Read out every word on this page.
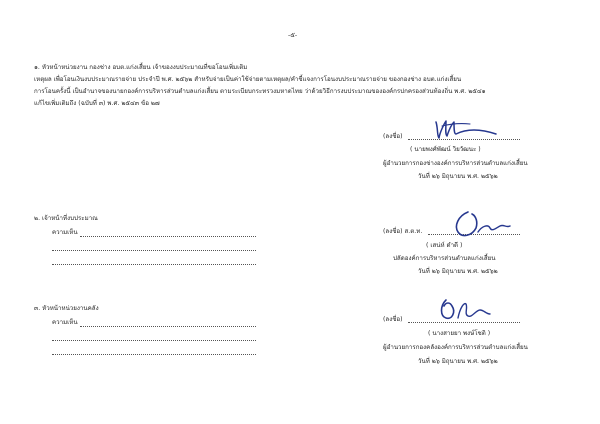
-๕-
๑. หัวหน้าหน่วยงาน กองช่าง อบต.แก่งเสี้ยน เจ้าของงบประมาณที่ขอโอนเพิ่มเติม
เหตุผล เพื่อโอนเงินงบประมาณรายจ่าย ประจำปี พ.ศ. ๒๕๖๒ สำหรับจ่ายเป็นค่าใช้จ่ายตามเหตุผล/คำชี้แจงการโอนงบประมาณรายจ่าย ของกองช่าง อบต.แก่งเสี้ยน
การโอนครั้งนี้ เป็นอำนาจของนายกองค์การบริหารส่วนตำบลแก่งเสี้ยน ตามระเบียบกระทรวงมหาดไทย ว่าด้วยวิธีการงบประมาณขององค์กรปกครองส่วนท้องถิ่น พ.ศ. ๒๕๔๑
แก้ไขเพิ่มเติมถึง (ฉบับที่ ๓) พ.ศ. ๒๕๔๓ ข้อ ๒๗
(ลงชื่อ)
( นายพงศ์พัฒน์ วิยวัฒนะ )
ผู้อำนวยการกองช่างองค์การบริหารส่วนตำบลแก่งเสี้ยน
วันที่ ๒๖ มิถุนายน พ.ศ. ๒๕๖๒
๒. เจ้าหน้าที่งบประมาณ
ความเห็น	(ลงชื่อ) ส.ต.ท.
( เสน่ห์ ดำดี )
ปลัดองค์การบริหารส่วนตำบลแก่งเสี้ยน
วันที่ ๒๖ มิถุนายน พ.ศ. ๒๕๖๒
๓. หัวหน้าหน่วยงานคลัง
ความเห็น	(ลงชื่อ)
( นางสายยา พงษ์โชติ )
ผู้อำนวยการกองคลังองค์การบริหารส่วนตำบลแก่งเสี้ยน
วันที่ ๒๖ มิถุนายน พ.ศ. ๒๕๖๒
